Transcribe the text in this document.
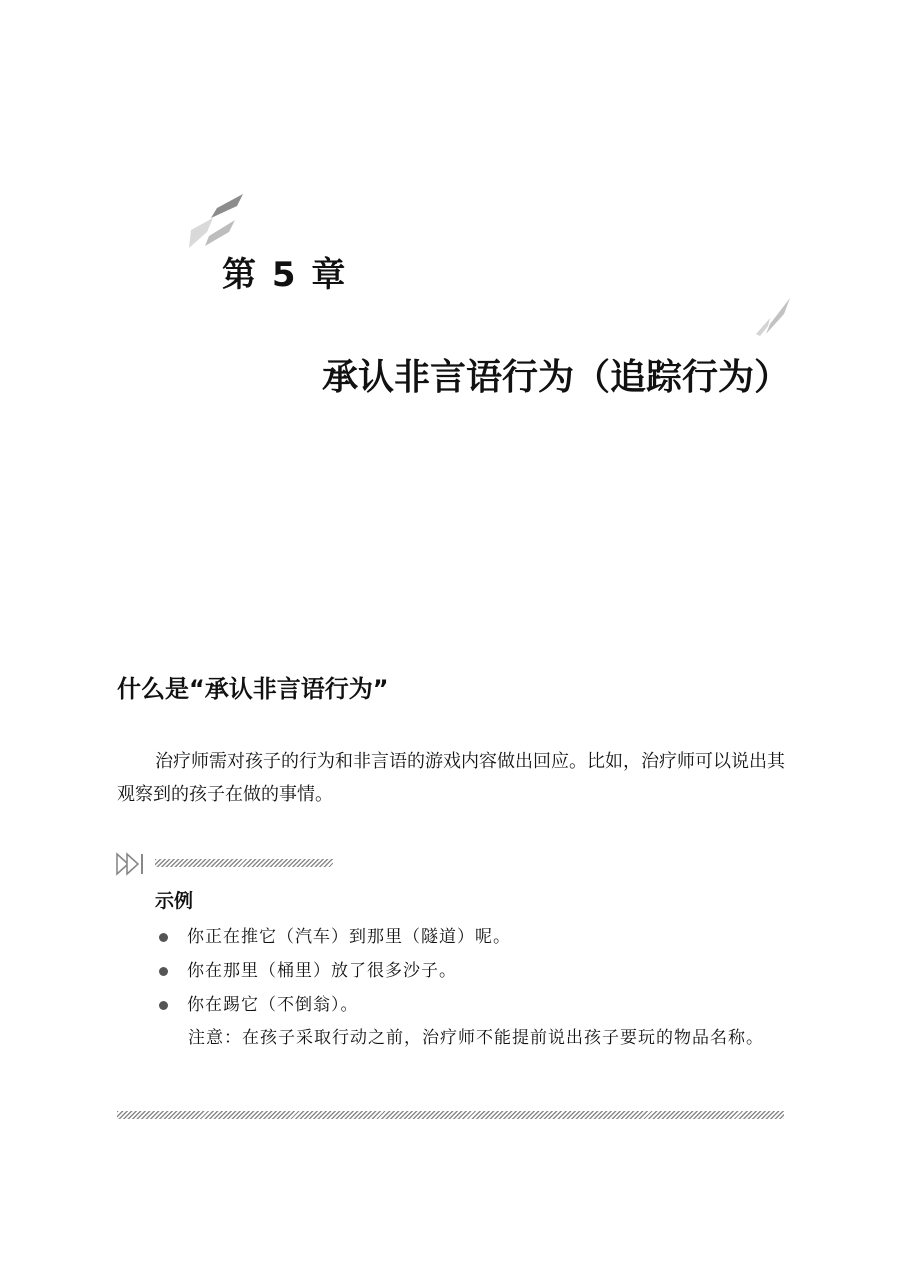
第 5 章
承认非言语行为（追踪行为）
什么是“承认非言语行为”
治疗师需对孩子的行为和非言语的游戏内容做出回应。比如，治疗师可以说出其观察到的孩子在做的事情。
示例
你正在推它（汽车）到那里（隧道）呢。
你在那里（桶里）放了很多沙子。
你在踢它（不倒翁）。
注意：在孩子采取行动之前，治疗师不能提前说出孩子要玩的物品名称。
